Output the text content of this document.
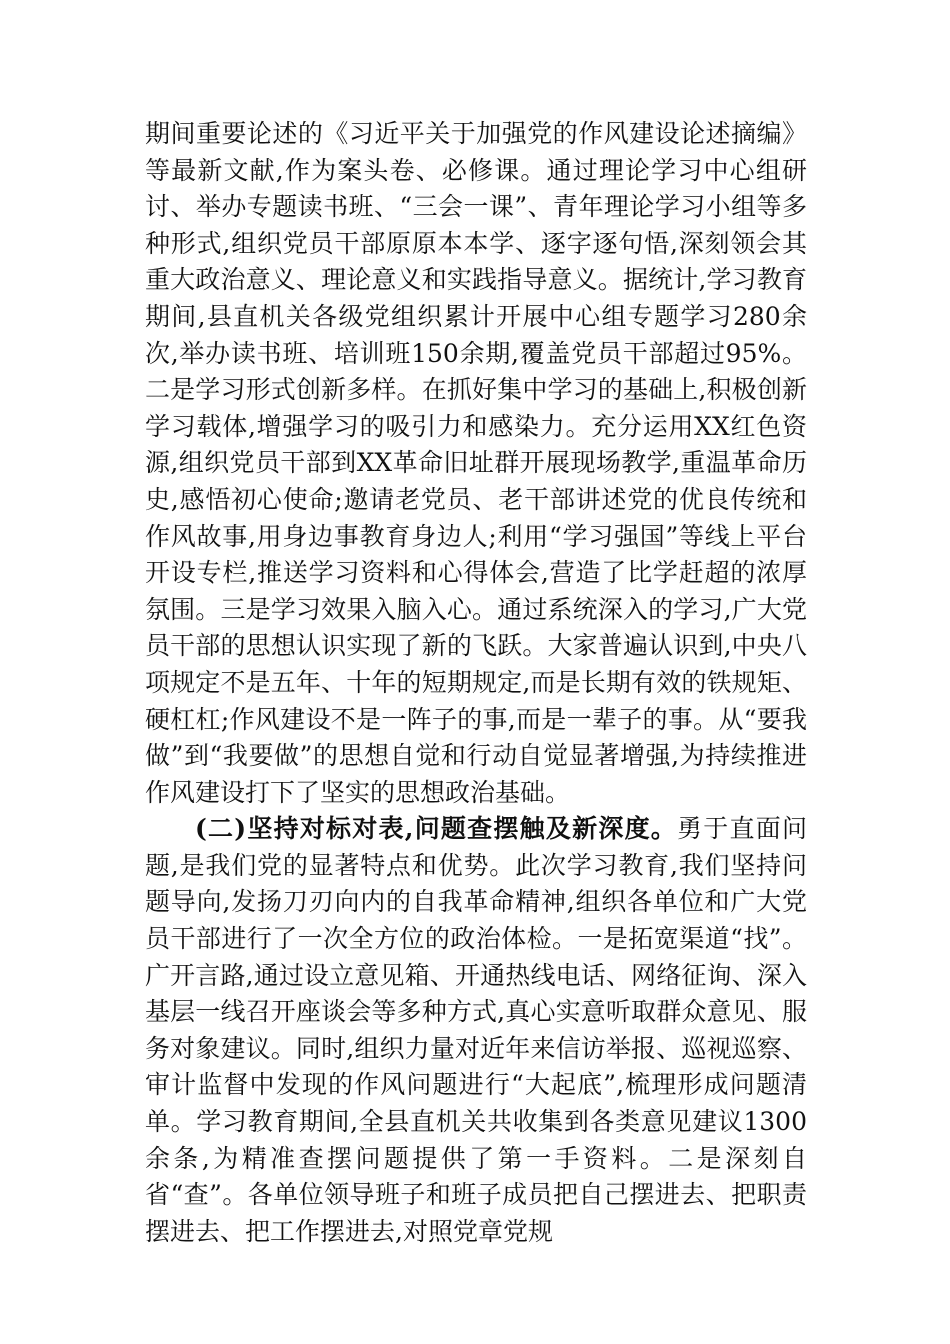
期间重要论述的《习近平关于加强党的作风建设论述摘编》等最新文献,作为案头卷、必修课。通过理论学习中心组研讨、举办专题读书班、“三会一课”、青年理论学习小组等多种形式,组织党员干部原原本本学、逐字逐句悟,深刻领会其重大政治意义、理论意义和实践指导意义。据统计,学习教育期间,县直机关各级党组织累计开展中心组专题学习280余次,举办读书班、培训班150余期,覆盖党员干部超过95%。二是学习形式创新多样。在抓好集中学习的基础上,积极创新学习载体,增强学习的吸引力和感染力。充分运用XX红色资源,组织党员干部到XX革命旧址群开展现场教学,重温革命历史,感悟初心使命;邀请老党员、老干部讲述党的优良传统和作风故事,用身边事教育身边人;利用“学习强国”等线上平台开设专栏,推送学习资料和心得体会,营造了比学赶超的浓厚氛围。三是学习效果入脑入心。通过系统深入的学习,广大党员干部的思想认识实现了新的飞跃。大家普遍认识到,中央八项规定不是五年、十年的短期规定,而是长期有效的铁规矩、硬杠杠;作风建设不是一阵子的事,而是一辈子的事。从“要我做”到“我要做”的思想自觉和行动自觉显著增强,为持续推进作风建设打下了坚实的思想政治基础。

(二)坚持对标对表,问题查摆触及新深度。勇于直面问题,是我们党的显著特点和优势。此次学习教育,我们坚持问题导向,发扬刀刃向内的自我革命精神,组织各单位和广大党员干部进行了一次全方位的政治体检。一是拓宽渠道“找”。广开言路,通过设立意见箱、开通热线电话、网络征询、深入基层一线召开座谈会等多种方式,真心实意听取群众意见、服务对象建议。同时,组织力量对近年来信访举报、巡视巡察、审计监督中发现的作风问题进行“大起底”,梳理形成问题清单。学习教育期间,全县直机关共收集到各类意见建议1300余条,为精准查摆问题提供了第一手资料。二是深刻自省“查”。各单位领导班子和班子成员把自己摆进去、把职责摆进去、把工作摆进去,对照党章党规
